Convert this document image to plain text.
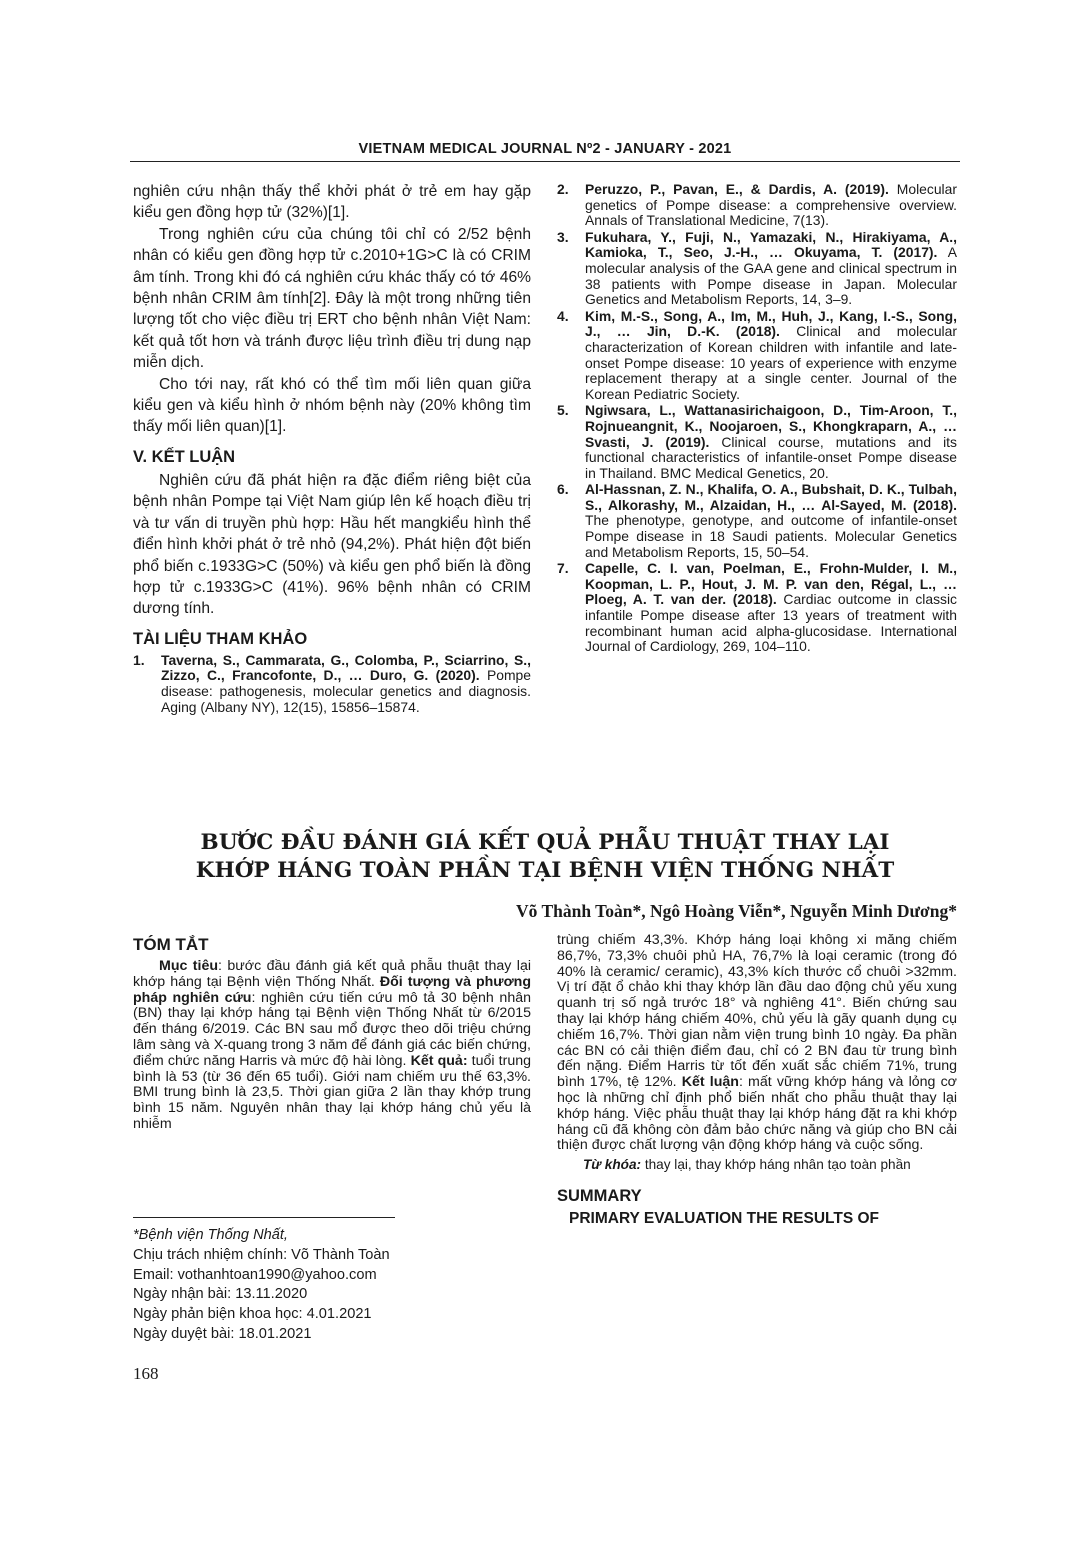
VIETNAM MEDICAL JOURNAL Nº2 - JANUARY - 2021

nghiên cứu nhận thấy thể khởi phát ở trẻ em hay gặp kiểu gen đồng hợp tử (32%)[1].

Trong nghiên cứu của chúng tôi chỉ có 2/52 bệnh nhân có kiểu gen đồng hợp tử c.2010+1G>C là có CRIM âm tính. Trong khi đó cá nghiên cứu khác thấy có tớ 46% bệnh nhân CRIM âm tính[2]. Đây là một trong những tiên lượng tốt cho việc điều trị ERT cho bệnh nhân Việt Nam: kết quả tốt hơn và tránh được liệu trình điều trị dung nạp miễn dịch.

Cho tới nay, rất khó có thể tìm mối liên quan giữa kiểu gen và kiểu hình ở nhóm bệnh này (20% không tìm thấy mối liên quan)[1].

V. KẾT LUẬN

Nghiên cứu đã phát hiện ra đặc điểm riêng biệt của bệnh nhân Pompe tại Việt Nam giúp lên kế hoạch điều trị và tư vấn di truyền phù hợp: Hầu hết mangkiểu hình thể điển hình khởi phát ở trẻ nhỏ (94,2%). Phát hiện đột biến phổ biến c.1933G>C (50%) và kiểu gen phổ biến là đồng hợp tử c.1933G>C (41%). 96% bệnh nhân có CRIM dương tính.

TÀI LIỆU THAM KHẢO

1. Taverna, S., Cammarata, G., Colomba, P., Sciarrino, S., Zizzo, C., Francofonte, D., … Duro, G. (2020). Pompe disease: pathogenesis, molecular genetics and diagnosis. Aging (Albany NY), 12(15), 15856–15874.

2. Peruzzo, P., Pavan, E., & Dardis, A. (2019). Molecular genetics of Pompe disease: a comprehensive overview. Annals of Translational Medicine, 7(13).

3. Fukuhara, Y., Fuji, N., Yamazaki, N., Hirakiyama, A., Kamioka, T., Seo, J.-H., … Okuyama, T. (2017). A molecular analysis of the GAA gene and clinical spectrum in 38 patients with Pompe disease in Japan. Molecular Genetics and Metabolism Reports, 14, 3–9.

4. Kim, M.-S., Song, A., Im, M., Huh, J., Kang, I.-S., Song, J., … Jin, D.-K. (2018). Clinical and molecular characterization of Korean children with infantile and late-onset Pompe disease: 10 years of experience with enzyme replacement therapy at a single center. Journal of the Korean Pediatric Society.

5. Ngiwsara, L., Wattanasirichaigoon, D., Tim-Aroon, T., Rojnueangnit, K., Noojaroen, S., Khongkraparn, A., … Svasti, J. (2019). Clinical course, mutations and its functional characteristics of infantile-onset Pompe disease in Thailand. BMC Medical Genetics, 20.

6. Al-Hassnan, Z. N., Khalifa, O. A., Bubshait, D. K., Tulbah, S., Alkorashy, M., Alzaidan, H., … Al-Sayed, M. (2018). The phenotype, genotype, and outcome of infantile-onset Pompe disease in 18 Saudi patients. Molecular Genetics and Metabolism Reports, 15, 50–54.

7. Capelle, C. I. van, Poelman, E., Frohn-Mulder, I. M., Koopman, L. P., Hout, J. M. P. van den, Régal, L., … Ploeg, A. T. van der. (2018). Cardiac outcome in classic infantile Pompe disease after 13 years of treatment with recombinant human acid alpha-glucosidase. International Journal of Cardiology, 269, 104–110.

BƯỚC ĐẦU ĐÁNH GIÁ KẾT QUẢ PHẪU THUẬT THAY LẠI
KHỚP HÁNG TOÀN PHẦN TẠI BỆNH VIỆN THỐNG NHẤT
Võ Thành Toàn*, Ngô Hoàng Viễn*, Nguyễn Minh Dương*
TÓM TẮT

Mục tiêu: bước đầu đánh giá kết quả phẫu thuật thay lại khớp háng tại Bệnh viện Thống Nhất. Đối tượng và phương pháp nghiên cứu: nghiên cứu tiến cứu mô tả 30 bệnh nhân (BN) thay lại khớp háng tại Bệnh viện Thống Nhất từ 6/2015 đến tháng 6/2019. Các BN sau mổ được theo dõi triệu chứng lâm sàng và X-quang trong 3 năm để đánh giá các biến chứng, điểm chức năng Harris và mức độ hài lòng. Kết quả: tuổi trung bình là 53 (từ 36 đến 65 tuổi). Giới nam chiếm ưu thế 63,3%. BMI trung bình là 23,5. Thời gian giữa 2 lần thay khớp trung bình 15 năm. Nguyên nhân thay lại khớp háng chủ yếu là nhiễm

trùng chiếm 43,3%. Khớp háng loại không xi măng chiếm 86,7%, 73,3% chuôi phủ HA, 76,7% là loại ceramic (trong đó 40% là ceramic/ ceramic), 43,3% kích thước cổ chuôi >32mm. Vị trí đặt ổ chảo khi thay khớp lần đầu dao động chủ yếu xung quanh trị số ngả trước 18° và nghiêng 41°. Biến chứng sau thay lại khớp háng chiếm 40%, chủ yếu là gãy quanh dụng cụ chiếm 16,7%. Thời gian nằm viện trung bình 10 ngày. Đa phần các BN có cải thiện điểm đau, chỉ có 2 BN đau từ trung bình đến nặng. Điểm Harris từ tốt đến xuất sắc chiếm 71%, trung bình 17%, tệ 12%. Kết luận: mất vững khớp háng và lỏng cơ học là những chỉ định phổ biến nhất cho phẫu thuật thay lại khớp háng. Việc phẫu thuật thay lại khớp háng đặt ra khi khớp háng cũ đã không còn đảm bảo chức năng và giúp cho BN cải thiện được chất lượng vận động khớp háng và cuộc sống.

Từ khóa: thay lại, thay khớp háng nhân tạo toàn phần

SUMMARY
PRIMARY EVALUATION THE RESULTS OF
*Bệnh viện Thống Nhất,
Chịu trách nhiệm chính: Võ Thành Toàn
Email: vothanhtoan1990@yahoo.com
Ngày nhận bài: 13.11.2020
Ngày phản biện khoa học: 4.01.2021
Ngày duyệt bài: 18.01.2021
168
